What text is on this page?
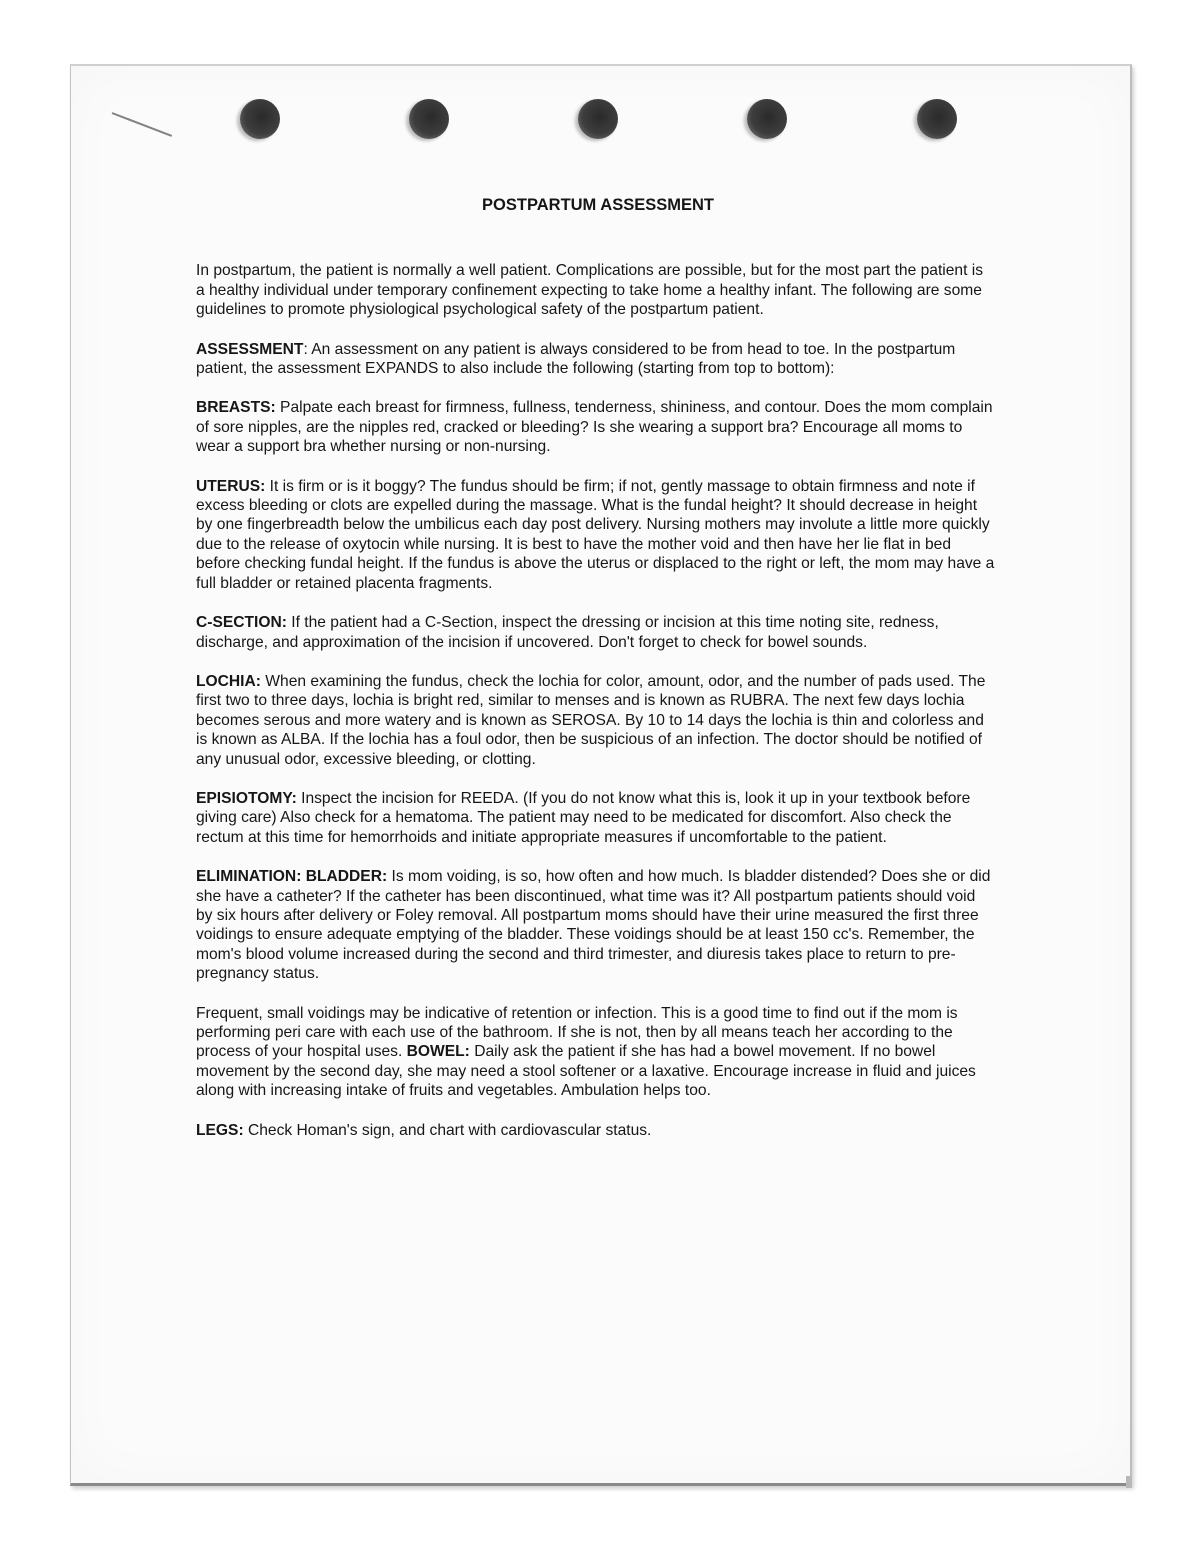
POSTPARTUM ASSESSMENT

In postpartum, the patient is normally a well patient. Complications are possible, but for the most part the patient is a healthy individual under temporary confinement expecting to take home a healthy infant. The following are some guidelines to promote physiological psychological safety of the postpartum patient.

ASSESSMENT: An assessment on any patient is always considered to be from head to toe. In the postpartum patient, the assessment EXPANDS to also include the following (starting from top to bottom):

BREASTS: Palpate each breast for firmness, fullness, tenderness, shininess, and contour. Does the mom complain of sore nipples, are the nipples red, cracked or bleeding? Is she wearing a support bra? Encourage all moms to wear a support bra whether nursing or non-nursing.

UTERUS: It is firm or is it boggy? The fundus should be firm; if not, gently massage to obtain firmness and note if excess bleeding or clots are expelled during the massage. What is the fundal height? It should decrease in height by one fingerbreadth below the umbilicus each day post delivery. Nursing mothers may involute a little more quickly due to the release of oxytocin while nursing. It is best to have the mother void and then have her lie flat in bed before checking fundal height. If the fundus is above the uterus or displaced to the right or left, the mom may have a full bladder or retained placenta fragments.

C-SECTION: If the patient had a C-Section, inspect the dressing or incision at this time noting site, redness, discharge, and approximation of the incision if uncovered. Don't forget to check for bowel sounds.

LOCHIA: When examining the fundus, check the lochia for color, amount, odor, and the number of pads used. The first two to three days, lochia is bright red, similar to menses and is known as RUBRA. The next few days lochia becomes serous and more watery and is known as SEROSA. By 10 to 14 days the lochia is thin and colorless and is known as ALBA. If the lochia has a foul odor, then be suspicious of an infection. The doctor should be notified of any unusual odor, excessive bleeding, or clotting.

EPISIOTOMY: Inspect the incision for REEDA. (If you do not know what this is, look it up in your textbook before giving care) Also check for a hematoma. The patient may need to be medicated for discomfort. Also check the rectum at this time for hemorrhoids and initiate appropriate measures if uncomfortable to the patient.

ELIMINATION: BLADDER: Is mom voiding, is so, how often and how much. Is bladder distended? Does she or did she have a catheter? If the catheter has been discontinued, what time was it? All postpartum patients should void by six hours after delivery or Foley removal. All postpartum moms should have their urine measured the first three voidings to ensure adequate emptying of the bladder. These voidings should be at least 150 cc's. Remember, the mom's blood volume increased during the second and third trimester, and diuresis takes place to return to pre-pregnancy status.

Frequent, small voidings may be indicative of retention or infection. This is a good time to find out if the mom is performing peri care with each use of the bathroom. If she is not, then by all means teach her according to the process of your hospital uses. BOWEL: Daily ask the patient if she has had a bowel movement. If no bowel movement by the second day, she may need a stool softener or a laxative. Encourage increase in fluid and juices along with increasing intake of fruits and vegetables. Ambulation helps too.

LEGS: Check Homan's sign, and chart with cardiovascular status.
